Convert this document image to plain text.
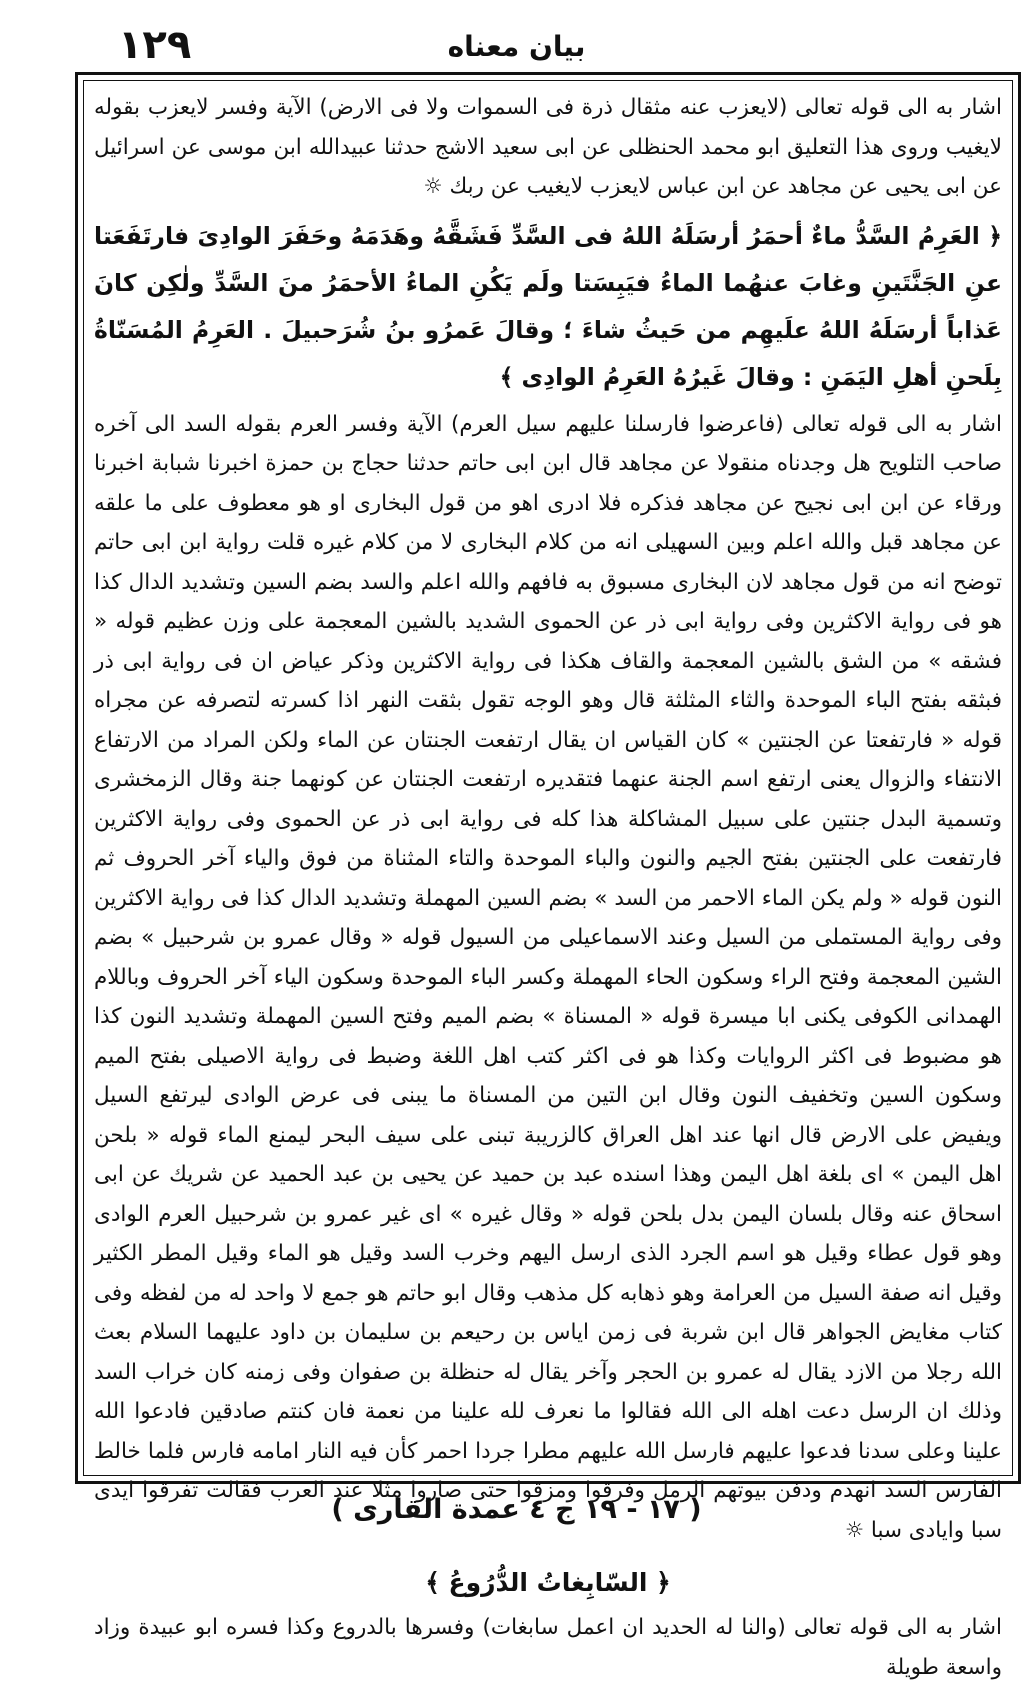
۱۲۹	بیان معناه

اشار به الى قوله تعالى (لایعزب عنه مثقال ذرة فى السموات ولا فى الارض) الآیة وفسر لایعزب بقوله لایغیب وروى هذا التعلیق ابو محمد الحنظلى عن ابى سعید الاشج حدثنا عبیدالله ابن موسى عن اسرائیل عن ابى یحیى عن مجاهد عن ابن عباس لایعزب لایغیب عن ربك ☼

﴿ العَرِمُ السَّدُّ ماءٌ أحمَرُ أرسَلَهُ اللهُ فى السَّدِّ فَشَقَّهُ وهَدَمَهُ وحَفَرَ الوادِىَ فارتَفَعَتا عنِ الجَنَّتَینِ وغابَ عنهُما الماءُ فیَبِسَتا ولَم یَكُنِ الماءُ الأحمَرُ منَ السَّدِّ ولٰكِن كانَ عَذاباً أرسَلَهُ اللهُ علَیهِم من حَیثُ شاءَ ؛ وقالَ عَمرُو بنُ شُرَحبیلَ . العَرِمُ المُسَنّاةُ بِلَحنِ أهلِ الیَمَنِ : وقالَ غَیرُهُ العَرِمُ الوادِى ﴾

اشار به الى قوله تعالى (فاعرضوا فارسلنا علیهم سیل العرم) الآیة وفسر العرم بقوله السد الى آخره صاحب التلویح هل وجدناه منقولا عن مجاهد قال ابن ابى حاتم حدثنا حجاج بن حمزة اخبرنا شبابة اخبرنا ورقاء عن ابن ابى نجیح عن مجاهد فذكره فلا ادرى اهو من قول البخارى او هو معطوف على ما علقه عن مجاهد قبل والله اعلم وبین السهیلى انه من كلام البخارى لا من كلام غیره قلت روایة ابن ابى حاتم توضح انه من قول مجاهد لان البخارى مسبوق به فافهم والله اعلم والسد بضم السین وتشدید الدال كذا هو فى روایة الاكثرین وفى روایة ابى ذر عن الحموى الشدید بالشین المعجمة على وزن عظیم قوله « فشقه » من الشق بالشین المعجمة والقاف هكذا فى روایة الاكثرین وذكر عیاض ان فى روایة ابى ذر فبثقه بفتح الباء الموحدة والثاء المثلثة قال وهو الوجه تقول بثقت النهر اذا كسرته لتصرفه عن مجراه قوله « فارتفعتا عن الجنتین » كان القیاس ان یقال ارتفعت الجنتان عن الماء ولكن المراد من الارتفاع الانتفاء والزوال یعنى ارتفع اسم الجنة عنهما فتقدیره ارتفعت الجنتان عن كونهما جنة وقال الزمخشرى وتسمیة البدل جنتین على سبیل المشاكلة هذا كله فى روایة ابى ذر عن الحموى وفى روایة الاكثرین فارتفعت على الجنتین بفتح الجیم والنون والباء الموحدة والتاء المثناة من فوق والیاء آخر الحروف ثم النون قوله « ولم یكن الماء الاحمر من السد » بضم السین المهملة وتشدید الدال كذا فى روایة الاكثرین وفى روایة المستملى من السیل وعند الاسماعیلى من السیول قوله « وقال عمرو بن شرحبیل » بضم الشین المعجمة وفتح الراء وسكون الحاء المهملة وكسر الباء الموحدة وسكون الیاء آخر الحروف وباللام الهمدانى الكوفى یكنى ابا میسرة قوله « المسناة » بضم المیم وفتح السین المهملة وتشدید النون كذا هو مضبوط فى اكثر الروایات وكذا هو فى اكثر كتب اهل اللغة وضبط فى روایة الاصیلى بفتح المیم وسكون السین وتخفیف النون وقال ابن التین من المسناة ما یبنى فى عرض الوادى لیرتفع السیل ویفیض على الارض قال انها عند اهل العراق كالزریبة تبنى على سیف البحر لیمنع الماء قوله « بلحن اهل الیمن » اى بلغة اهل الیمن وهذا اسنده عبد بن حمید عن یحیى بن عبد الحمید عن شریك عن ابى اسحاق عنه وقال بلسان الیمن بدل بلحن قوله « وقال غیره » اى غیر عمرو بن شرحبیل العرم الوادى وهو قول عطاء وقیل هو اسم الجرد الذى ارسل الیهم وخرب السد وقیل هو الماء وقیل المطر الكثیر وقیل انه صفة السیل من العرامة وهو ذهابه كل مذهب وقال ابو حاتم هو جمع لا واحد له من لفظه وفى كتاب مغایض الجواهر قال ابن شربة فى زمن ایاس بن رحیعم بن سلیمان بن داود علیهما السلام بعث الله رجلا من الازد یقال له عمرو بن الحجر وآخر یقال له حنظلة بن صفوان وفى زمنه كان خراب السد وذلك ان الرسل دعت اهله الى الله فقالوا ما نعرف لله علینا من نعمة فان كنتم صادقین فادعوا الله علینا وعلى سدنا فدعوا علیهم فارسل الله علیهم مطرا جردا احمر كأن فیه النار امامه فارس فلما خالط الفارس السد انهدم ودفن بیوتهم الرمل وفرقوا ومزقوا حتى صاروا مثلا عند العرب فقالت تفرقوا ایدى سبا وایادى سبا ☼

﴿ السّابِغاتُ الدُّرُوعُ ﴾

اشار به الى قوله تعالى (والنا له الحدید ان اعمل سابغات) وفسرها بالدروع وكذا فسره ابو عبیدة وزاد واسعة طویلة

( ۱۷ - ۱۹ ج ٤ عمدة القارى )
